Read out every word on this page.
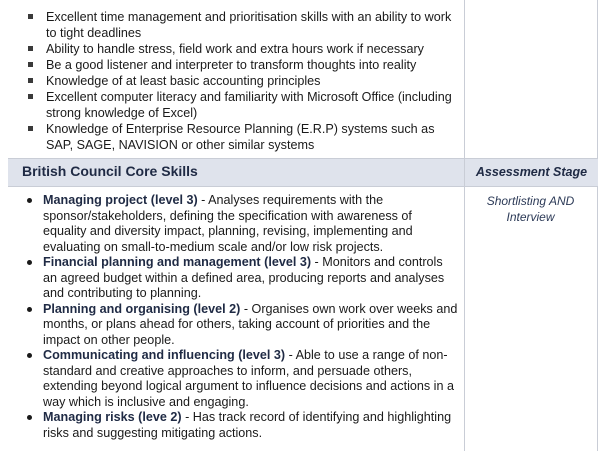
Excellent time management and prioritisation skills with an ability to work to tight deadlines
Ability to handle stress, field work and extra hours work if necessary
Be a good listener and interpreter to transform thoughts into reality
Knowledge of at least basic accounting principles
Excellent computer literacy and familiarity with Microsoft Office (including strong knowledge of Excel)
Knowledge of Enterprise Resource Planning (E.R.P) systems such as SAP, SAGE, NAVISION or other similar systems
British Council Core Skills	Assessment Stage
Shortlisting AND Interview
Managing project (level 3) - Analyses requirements with the sponsor/stakeholders, defining the specification with awareness of equality and diversity impact, planning, revising, implementing and evaluating on small-to-medium scale and/or low risk projects.
Financial planning and management (level 3) - Monitors and controls an agreed budget within a defined area, producing reports and analyses and contributing to planning.
Planning and organising (level 2) - Organises own work over weeks and months, or plans ahead for others, taking account of priorities and the impact on other people.
Communicating and influencing (level 3) - Able to use a range of non-standard and creative approaches to inform, and persuade others, extending beyond logical argument to influence decisions and actions in a way which is inclusive and engaging.
Managing risks (leve 2) - Has track record of identifying and highlighting risks and suggesting mitigating actions.
